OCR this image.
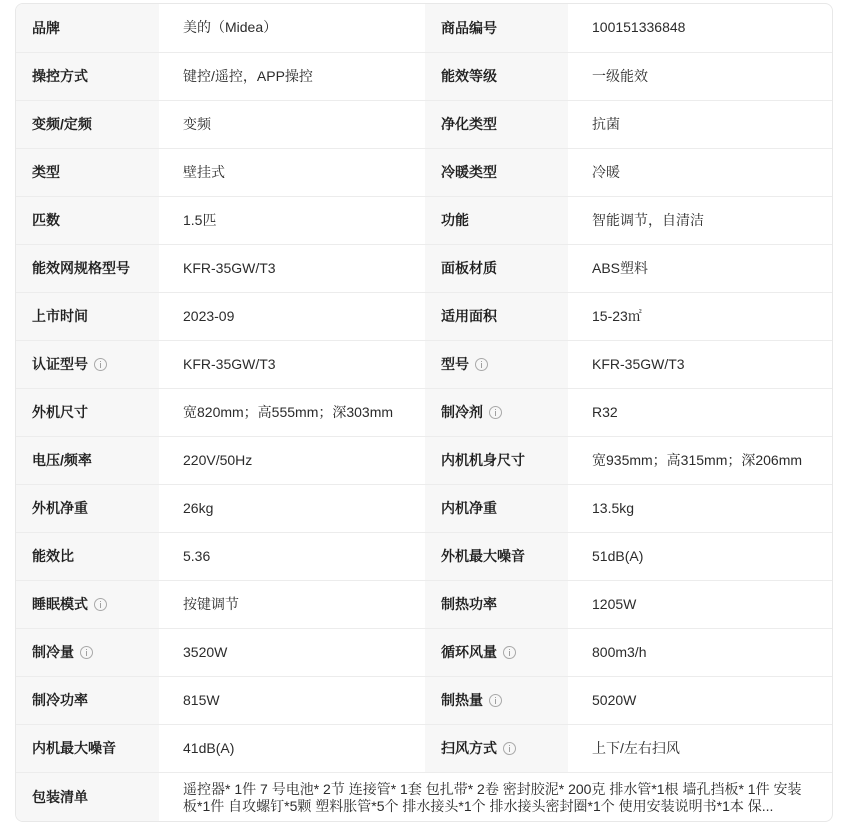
品牌	美的（Midea）	商品编号	100151336848
操控方式	键控/遥控，APP操控	能效等级	一级能效
变频/定频	变频	净化类型	抗菌
类型	壁挂式	冷暖类型	冷暖
匹数	1.5匹	功能	智能调节，自清洁
能效网规格型号	KFR-35GW/T3	面板材质	ABS塑料
上市时间	2023-09	适用面积	15-23㎡
认证型号	KFR-35GW/T3	型号	KFR-35GW/T3
外机尺寸	宽820mm；高555mm；深303mm	制冷剂	R32
电压/频率	220V/50Hz	内机机身尺寸	宽935mm；高315mm；深206mm
外机净重	26kg	内机净重	13.5kg
能效比	5.36	外机最大噪音	51dB(A)
睡眠模式	按键调节	制热功率	1205W
制冷量	3520W	循环风量	800m3/h
制冷功率	815W	制热量	5020W
内机最大噪音	41dB(A)	扫风方式	上下/左右扫风
包装清单	遥控器* 1件 7 号电池* 2节 连接管* 1套 包扎带* 2卷 密封胶泥* 200克 排水管*1根 墙孔挡板* 1件 安装板*1件 自攻螺钉*5颗 塑料胀管*5个 排水接头*1个 排水接头密封圈*1个 使用安装说明书*1本 保...		
